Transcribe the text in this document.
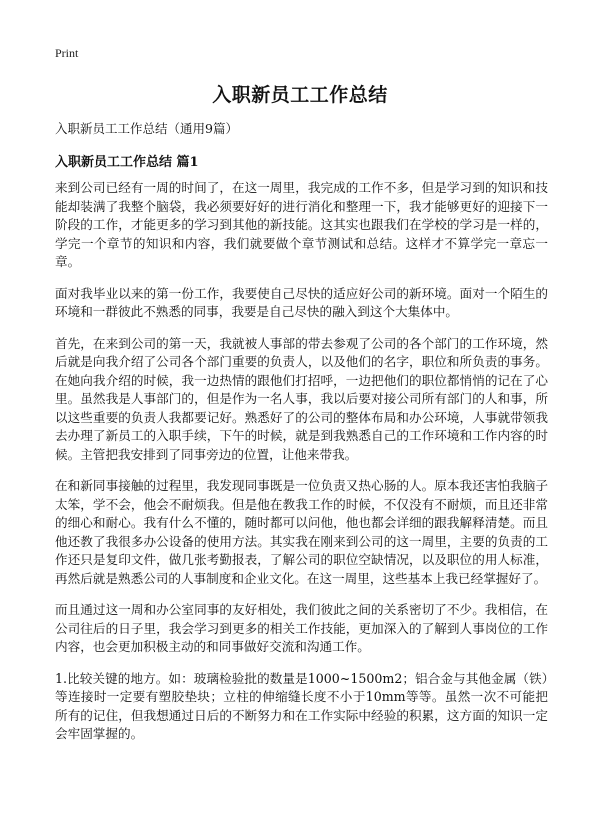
Print
入职新员工工作总结
入职新员工工作总结（通用9篇）
入职新员工工作总结 篇1

来到公司已经有一周的时间了，在这一周里，我完成的工作不多，但是学习到的知识和技能却装满了我整个脑袋，我必须要好好的进行消化和整理一下，我才能够更好的迎接下一阶段的工作，才能更多的学习到其他的新技能。这其实也跟我们在学校的学习是一样的，学完一个章节的知识和内容，我们就要做个章节测试和总结。这样才不算学完一章忘一章。

面对我毕业以来的第一份工作，我要使自己尽快的适应好公司的新环境。面对一个陌生的环境和一群彼此不熟悉的同事，我要是自己尽快的融入到这个大集体中。

首先，在来到公司的第一天，我就被人事部的带去参观了公司的各个部门的工作环境，然后就是向我介绍了公司各个部门重要的负责人，以及他们的名字，职位和所负责的事务。在她向我介绍的时候，我一边热情的跟他们打招呼，一边把他们的职位都悄悄的记在了心里。虽然我是人事部门的，但是作为一名人事，我以后要对接公司所有部门的人和事，所以这些重要的负责人我都要记好。熟悉好了的公司的整体布局和办公环境，人事就带领我去办理了新员工的入职手续，下午的时候，就是到我熟悉自己的工作环境和工作内容的时候。主管把我安排到了同事旁边的位置，让他来带我。

在和新同事接触的过程里，我发现同事既是一位负责又热心肠的人。原本我还害怕我脑子太笨，学不会，他会不耐烦我。但是他在教我工作的时候，不仅没有不耐烦，而且还非常的细心和耐心。我有什么不懂的，随时都可以问他，他也都会详细的跟我解释清楚。而且他还教了我很多办公设备的使用方法。其实我在刚来到公司的这一周里，主要的负责的工作还只是复印文件，做几张考勤报表，了解公司的职位空缺情况，以及职位的用人标准，再然后就是熟悉公司的人事制度和企业文化。在这一周里，这些基本上我已经掌握好了。

而且通过这一周和办公室同事的友好相处，我们彼此之间的关系密切了不少。我相信，在公司往后的日子里，我会学习到更多的相关工作技能，更加深入的了解到人事岗位的工作内容，也会更加积极主动的和同事做好交流和沟通工作。

1.比较关键的地方。如：玻璃检验批的数量是1000~1500m2；铝合金与其他金属（铁）等连接时一定要有塑胶垫块；立柱的伸缩缝长度不小于10mm等等。虽然一次不可能把所有的记住，但我想通过日后的不断努力和在工作实际中经验的积累，这方面的知识一定会牢固掌握的。
